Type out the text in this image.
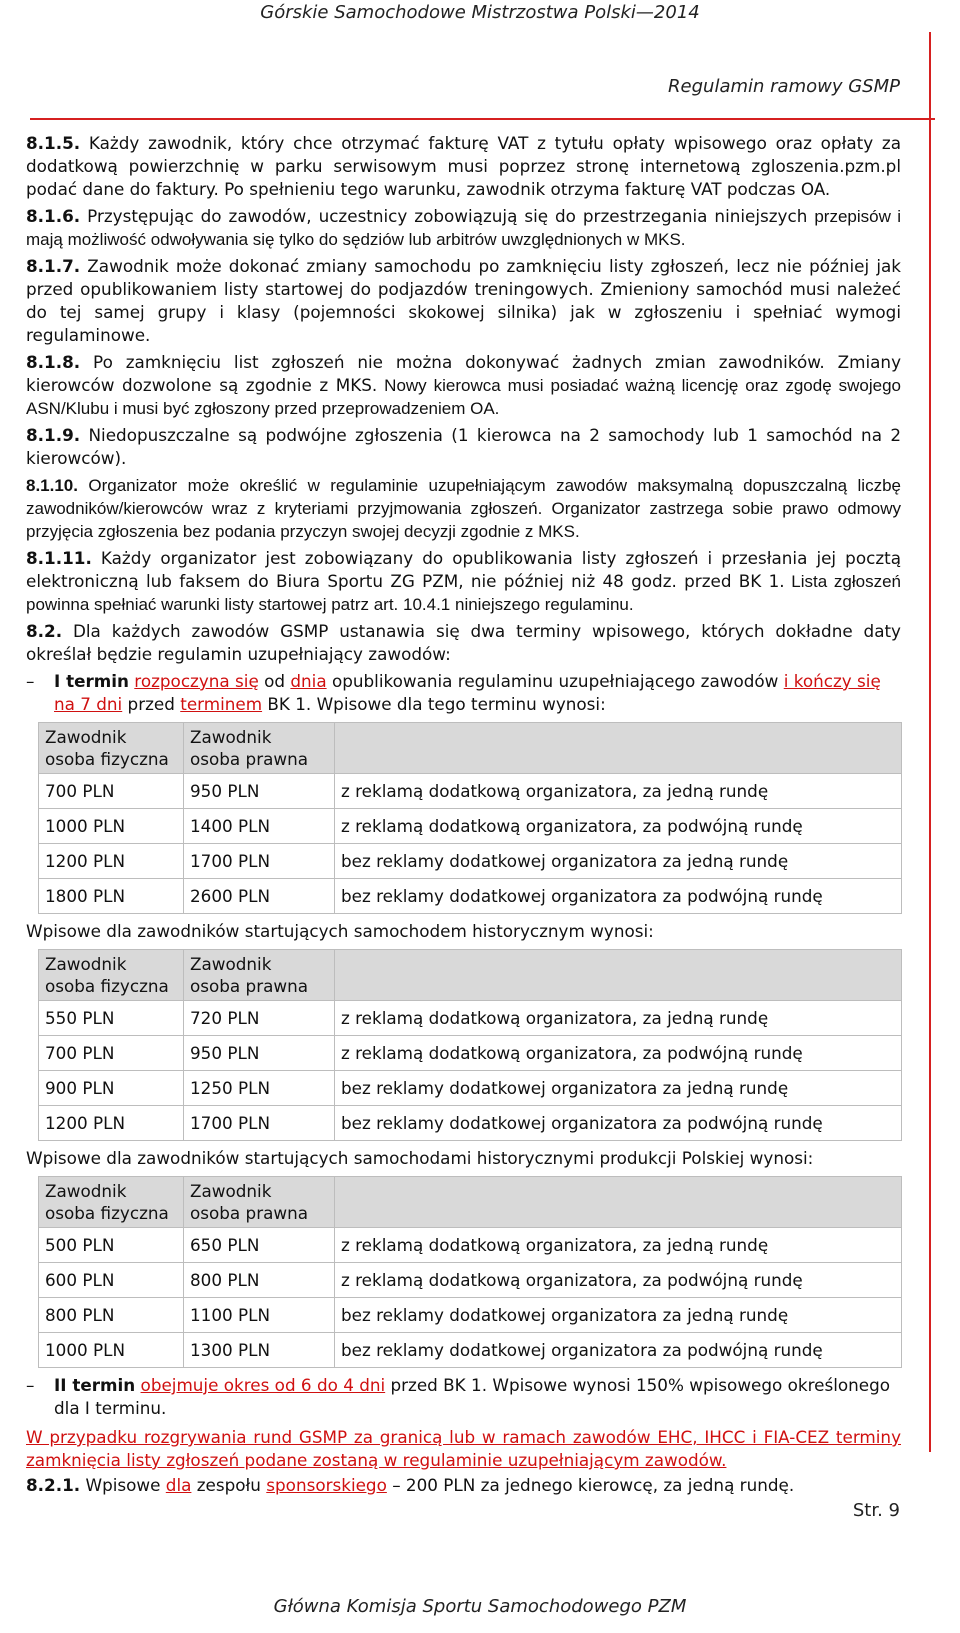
Górskie Samochodowe Mistrzostwa Polski—2014
Regulamin ramowy GSMP

8.1.5. Każdy zawodnik, który chce otrzymać fakturę VAT z tytułu opłaty wpisowego oraz opłaty za dodatkową powierzchnię w parku serwisowym musi poprzez stronę internetową zgloszenia.pzm.pl podać dane do faktury. Po spełnieniu tego warunku, zawodnik otrzyma fakturę VAT podczas OA.

8.1.6. Przystępując do zawodów, uczestnicy zobowiązują się do przestrzegania niniejszych przepisów i mają możliwość odwoływania się tylko do sędziów lub arbitrów uwzględnionych w MKS.

8.1.7. Zawodnik może dokonać zmiany samochodu po zamknięciu listy zgłoszeń, lecz nie później jak przed opublikowaniem listy startowej do podjazdów treningowych. Zmieniony samochód musi należeć do tej samej grupy i klasy (pojemności skokowej silnika) jak w zgłoszeniu i spełniać wymogi regulaminowe.

8.1.8. Po zamknięciu list zgłoszeń nie można dokonywać żadnych zmian zawodników. Zmiany kierowców dozwolone są zgodnie z MKS. Nowy kierowca musi posiadać ważną licencję oraz zgodę swojego ASN/Klubu i musi być zgłoszony przed przeprowadzeniem OA.

8.1.9. Niedopuszczalne są podwójne zgłoszenia (1 kierowca na 2 samochody lub 1 samochód na 2 kierowców).

8.1.10. Organizator może określić w regulaminie uzupełniającym zawodów maksymalną dopuszczalną liczbę zawodników/kierowców wraz z kryteriami przyjmowania zgłoszeń. Organizator zastrzega sobie prawo odmowy przyjęcia zgłoszenia bez podania przyczyn swojej decyzji zgodnie z MKS.

8.1.11. Każdy organizator jest zobowiązany do opublikowania listy zgłoszeń i przesłania jej pocztą elektroniczną lub faksem do Biura Sportu ZG PZM, nie później niż 48 godz. przed BK 1. Lista zgłoszeń powinna spełniać warunki listy startowej patrz art. 10.4.1 niniejszego regulaminu.

8.2. Dla każdych zawodów GSMP ustanawia się dwa terminy wpisowego, których dokładne daty określał będzie regulamin uzupełniający zawodów:

–	I termin rozpoczyna się od dnia opublikowania regulaminu uzupełniającego zawodów i kończy się na 7 dni przed terminem BK 1. Wpisowe dla tego terminu wynosi:
Zawodnik
osoba fizyczna	Zawodnik
osoba prawna	
700 PLN	950 PLN	z reklamą dodatkową organizatora, za jedną rundę
1000 PLN	1400 PLN	z reklamą dodatkową organizatora, za podwójną rundę
1200 PLN	1700 PLN	bez reklamy dodatkowej organizatora za jedną rundę
1800 PLN	2600 PLN	bez reklamy dodatkowej organizatora za podwójną rundę
Wpisowe dla zawodników startujących samochodem historycznym wynosi:
Zawodnik
osoba fizyczna	Zawodnik
osoba prawna	
550 PLN	720 PLN	z reklamą dodatkową organizatora, za jedną rundę
700 PLN	950 PLN	z reklamą dodatkową organizatora, za podwójną rundę
900 PLN	1250 PLN	bez reklamy dodatkowej organizatora za jedną rundę
1200 PLN	1700 PLN	bez reklamy dodatkowej organizatora za podwójną rundę
Wpisowe dla zawodników startujących samochodami historycznymi produkcji Polskiej wynosi:
Zawodnik
osoba fizyczna	Zawodnik
osoba prawna	
500 PLN	650 PLN	z reklamą dodatkową organizatora, za jedną rundę
600 PLN	800 PLN	z reklamą dodatkową organizatora, za podwójną rundę
800 PLN	1100 PLN	bez reklamy dodatkowej organizatora za jedną rundę
1000 PLN	1300 PLN	bez reklamy dodatkowej organizatora za podwójną rundę
–	II termin obejmuje okres od 6 do 4 dni przed BK 1. Wpisowe wynosi 150% wpisowego określonego dla I terminu.

W przypadku rozgrywania rund GSMP za granicą lub w ramach zawodów EHC, IHCC i FIA-CEZ terminy zamknięcia listy zgłoszeń podane zostaną w regulaminie uzupełniającym zawodów.

8.2.1. Wpisowe dla zespołu sponsorskiego – 200 PLN za jednego kierowcę, za jedną rundę.

Str. 9
Główna Komisja Sportu Samochodowego PZM
